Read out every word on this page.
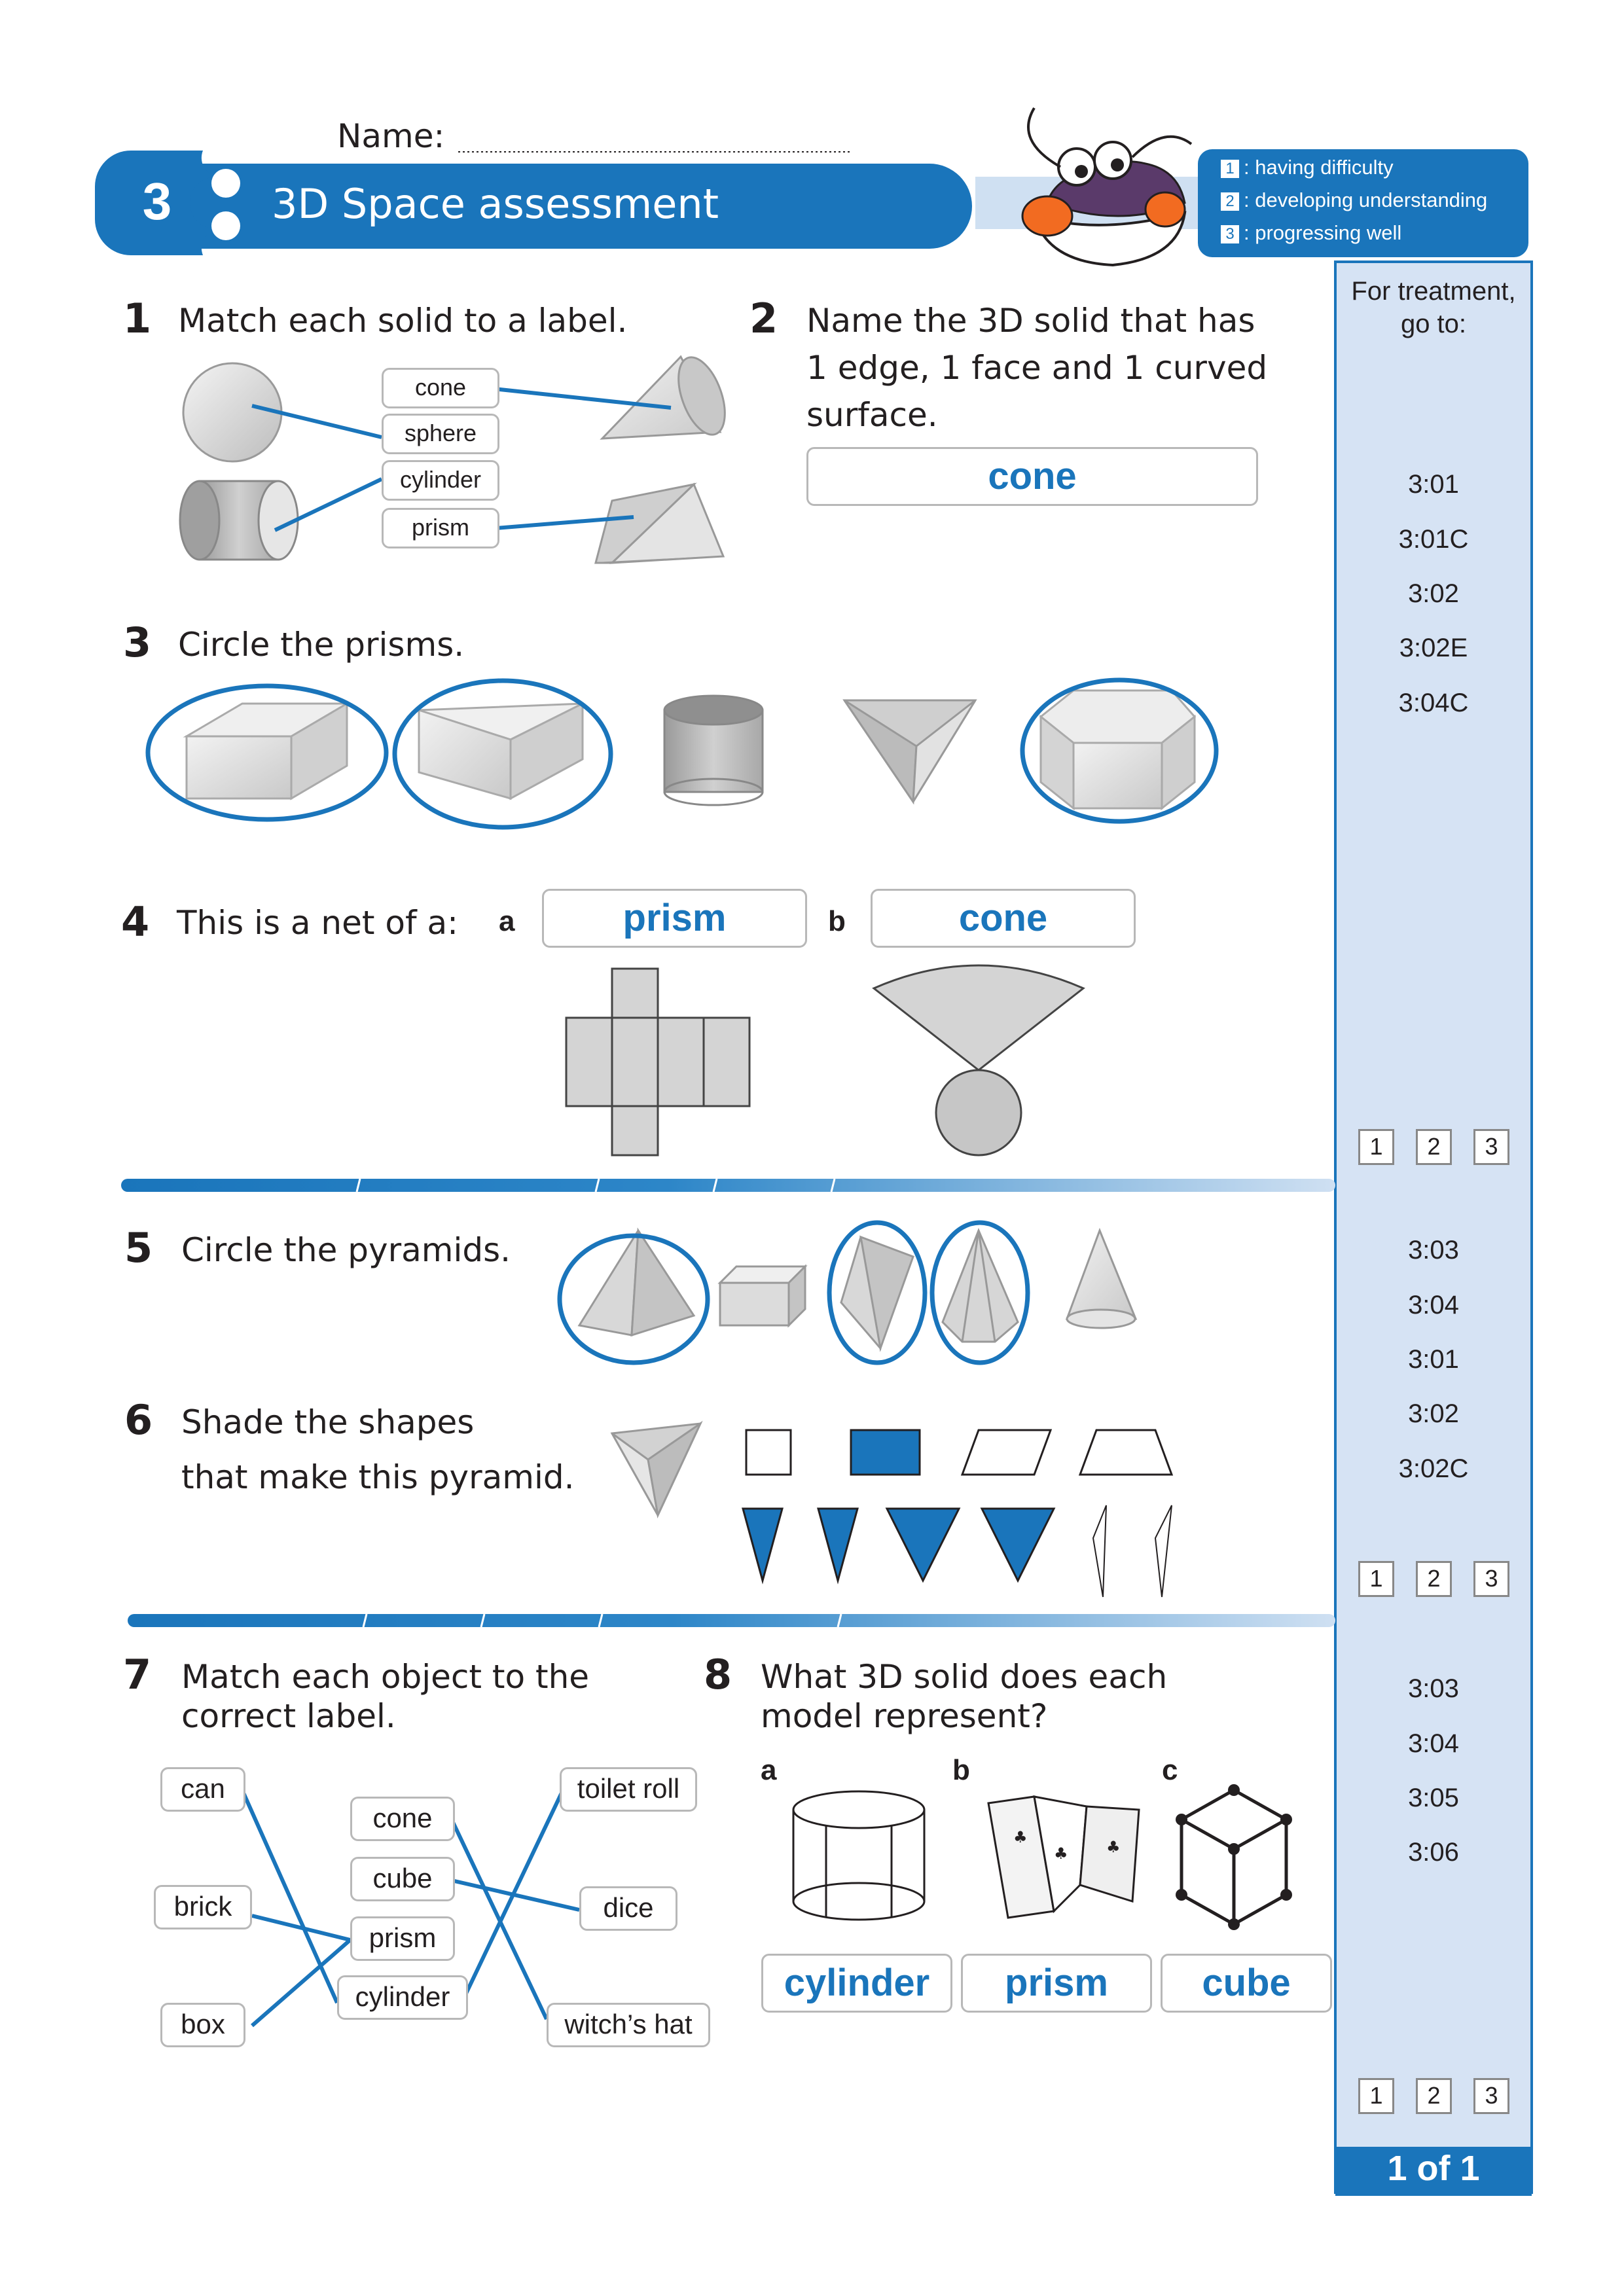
♣
♣ ♣
Name:
3 3D Space assessment
1 : having difficulty
2 : developing understanding
3 : progressing well
For treatment,
go to:
3:01
3:01C
3:02
3:02E
3:04C
1	2	3
3:03
3:04
3:01
3:02
3:02C
1	2	3
3:03
3:04
3:05
3:06
1	2	3
1 of 1
1 Match each solid to a label.
cone
sphere
cylinder
prism
2 Name the 3D solid that has
1 edge, 1 face and 1 curved
surface.
cone
3 Circle the prisms.
4 This is a net of a: a	prism	b	cone
5 Circle the pyramids.
6 Shade the shapes
that make this pyramid.
7 Match each object to the
correct label.
can
brick
box
cone
cube
prism
cylinder
toilet roll
dice
witch’s hat
8 What 3D solid does each
model represent?
a	b	c
cylinder	prism	cube
